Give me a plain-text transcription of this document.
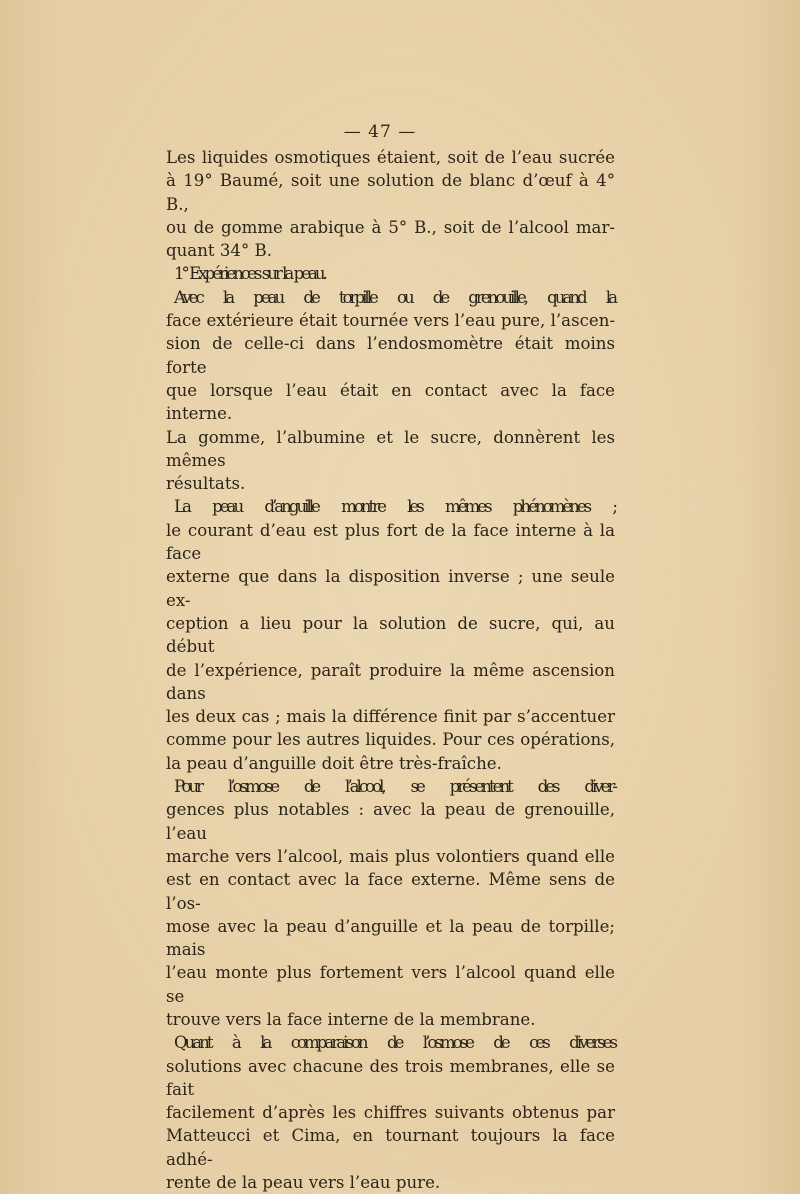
— 47 —

Les liquides osmotiques étaient, soit de l’eau sucrée
à 19° Baumé, soit une solution de blanc d’œuf à 4° B.,
ou de gomme arabique à 5° B., soit de l’alcool mar-
quant 34° B.

1° Expériences sur la peau.

Avec la peau de torpille ou de grenouille, quand la
face extérieure était tournée vers l’eau pure, l’ascen-
sion de celle-ci dans l’endosmomètre était moins forte
que lorsque l’eau était en contact avec la face interne.
La gomme, l’albumine et le sucre, donnèrent les mêmes
résultats.

La peau d’anguille montre les mêmes phénomènes ;
le courant d’eau est plus fort de la face interne à la face
externe que dans la disposition inverse ; une seule ex-
ception a lieu pour la solution de sucre, qui, au début
de l’expérience, paraît produire la même ascension dans
les deux cas ; mais la différence finit par s’accentuer
comme pour les autres liquides. Pour ces opérations,
la peau d’anguille doit être très-fraîche.

Pour l’osmose de l’alcool, se présentent des diver-
gences plus notables : avec la peau de grenouille, l’eau
marche vers l’alcool, mais plus volontiers quand elle
est en contact avec la face externe. Même sens de l’os-
mose avec la peau d’anguille et la peau de torpille; mais
l’eau monte plus fortement vers l’alcool quand elle se
trouve vers la face interne de la membrane.

Quant à la comparaison de l’osmose de ces diverses
solutions avec chacune des trois membranes, elle se fait
facilement d’après les chiffres suivants obtenus par
Matteucci et Cima, en tournant toujours la face adhé-
rente de la peau vers l’eau pure.
